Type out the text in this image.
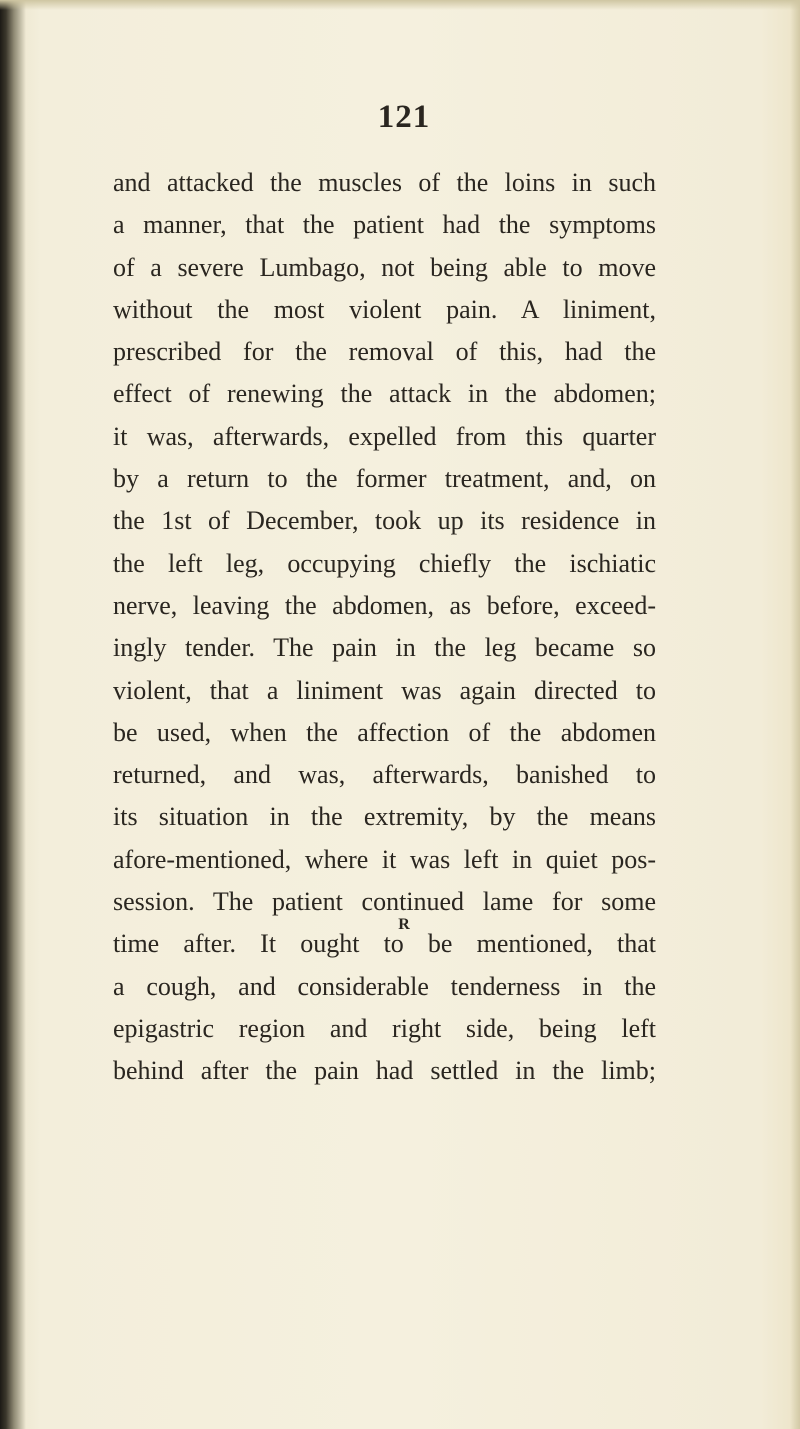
121
and attacked the muscles of the loins in such
a manner, that the patient had the symptoms
of a severe Lumbago, not being able to move
without the most violent pain. A liniment,
prescribed for the removal of this, had the
effect of renewing the attack in the abdomen;
it was, afterwards, expelled from this quarter
by a return to the former treatment, and, on
the 1st of December, took up its residence in
the left leg, occupying chiefly the ischiatic
nerve, leaving the abdomen, as before, exceed-
ingly tender. The pain in the leg became so
violent, that a liniment was again directed to
be used, when the affection of the abdomen
returned, and was, afterwards, banished to
its situation in the extremity, by the means
afore-mentioned, where it was left in quiet pos-
session. The patient continued lame for some
time after. It ought to be mentioned, that
a cough, and considerable tenderness in the
epigastric region and right side, being left
behind after the pain had settled in the limb;
R
